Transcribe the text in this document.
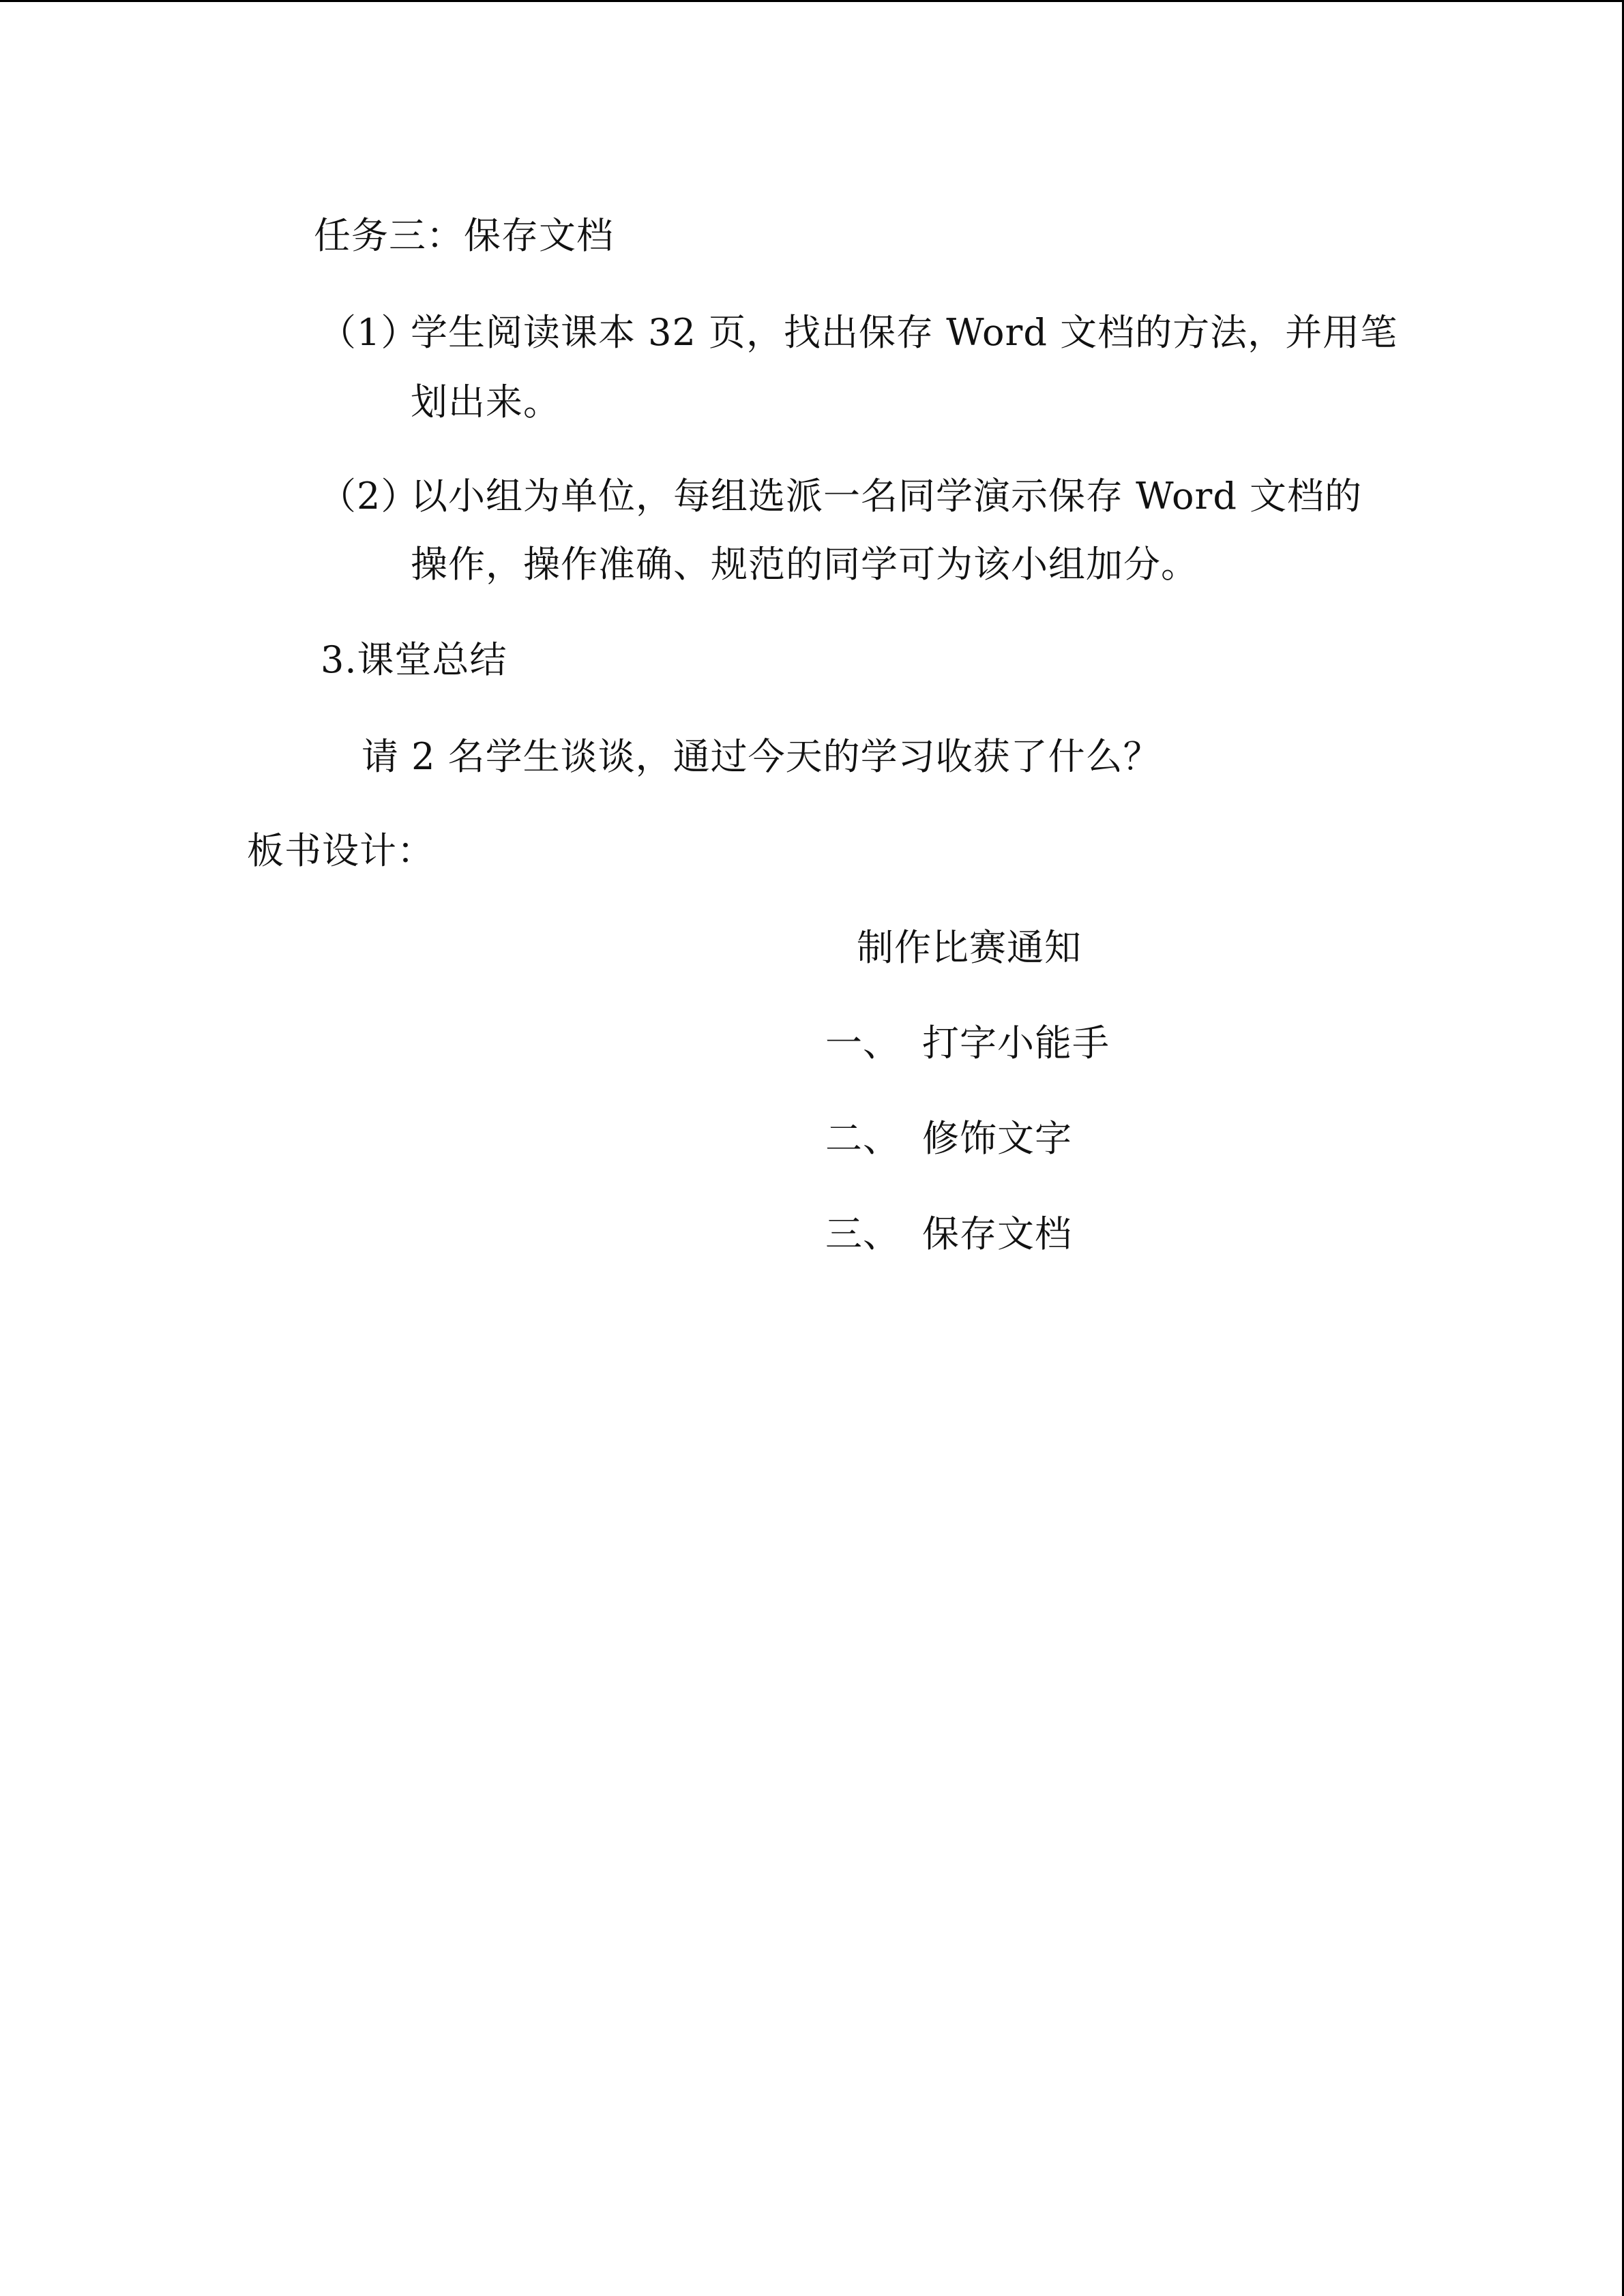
任务三：保存文档
（1）
学生阅读课本 32 页，找出保存 Word 文档的方法，并用笔
划出来。
（2）
以小组为单位，每组选派一名同学演示保存 Word 文档的
操作，操作准确、规范的同学可为该小组加分。
3.课堂总结
请 2 名学生谈谈，通过今天的学习收获了什么？
板书设计：
制作比赛通知
一、 打字小能手
二、 修饰文字
三、 保存文档
